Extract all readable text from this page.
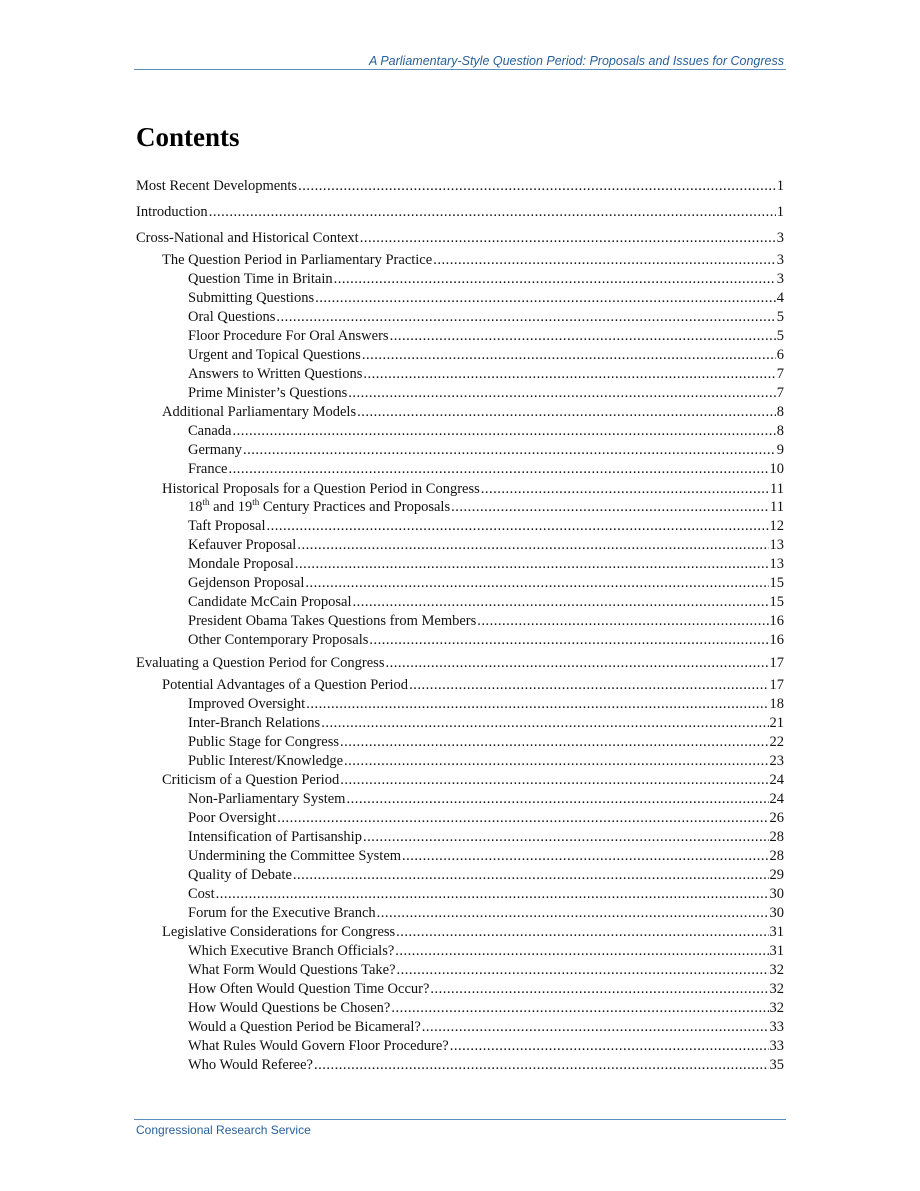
A Parliamentary-Style Question Period: Proposals and Issues for Congress
Contents
Most Recent Developments .....	1
Introduction .....	1
Cross-National and Historical Context .....	3
The Question Period in Parliamentary Practice .....	3
Question Time in Britain .....	3
Submitting Questions .....	4
Oral Questions .....	5
Floor Procedure For Oral Answers .....	5
Urgent and Topical Questions .....	6
Answers to Written Questions .....	7
Prime Minister’s Questions .....	7
Additional Parliamentary Models .....	8
Canada .....	8
Germany .....	9
France .....	10
Historical Proposals for a Question Period in Congress .....	11
18th and 19th Century Practices and Proposals .....	11
Taft Proposal .....	12
Kefauver Proposal .....	13
Mondale Proposal .....	13
Gejdenson Proposal .....	15
Candidate McCain Proposal .....	15
President Obama Takes Questions from Members .....	16
Other Contemporary Proposals .....	16
Evaluating a Question Period for Congress .....	17
Potential Advantages of a Question Period .....	17
Improved Oversight .....	18
Inter-Branch Relations .....	21
Public Stage for Congress .....	22
Public Interest/Knowledge .....	23
Criticism of a Question Period .....	24
Non-Parliamentary System .....	24
Poor Oversight .....	26
Intensification of Partisanship .....	28
Undermining the Committee System .....	28
Quality of Debate .....	29
Cost .....	30
Forum for the Executive Branch .....	30
Legislative Considerations for Congress .....	31
Which Executive Branch Officials? .....	31
What Form Would Questions Take? .....	32
How Often Would Question Time Occur? .....	32
How Would Questions be Chosen? .....	32
Would a Question Period be Bicameral? .....	33
What Rules Would Govern Floor Procedure? .....	33
Who Would Referee? .....	35
Congressional Research Service
